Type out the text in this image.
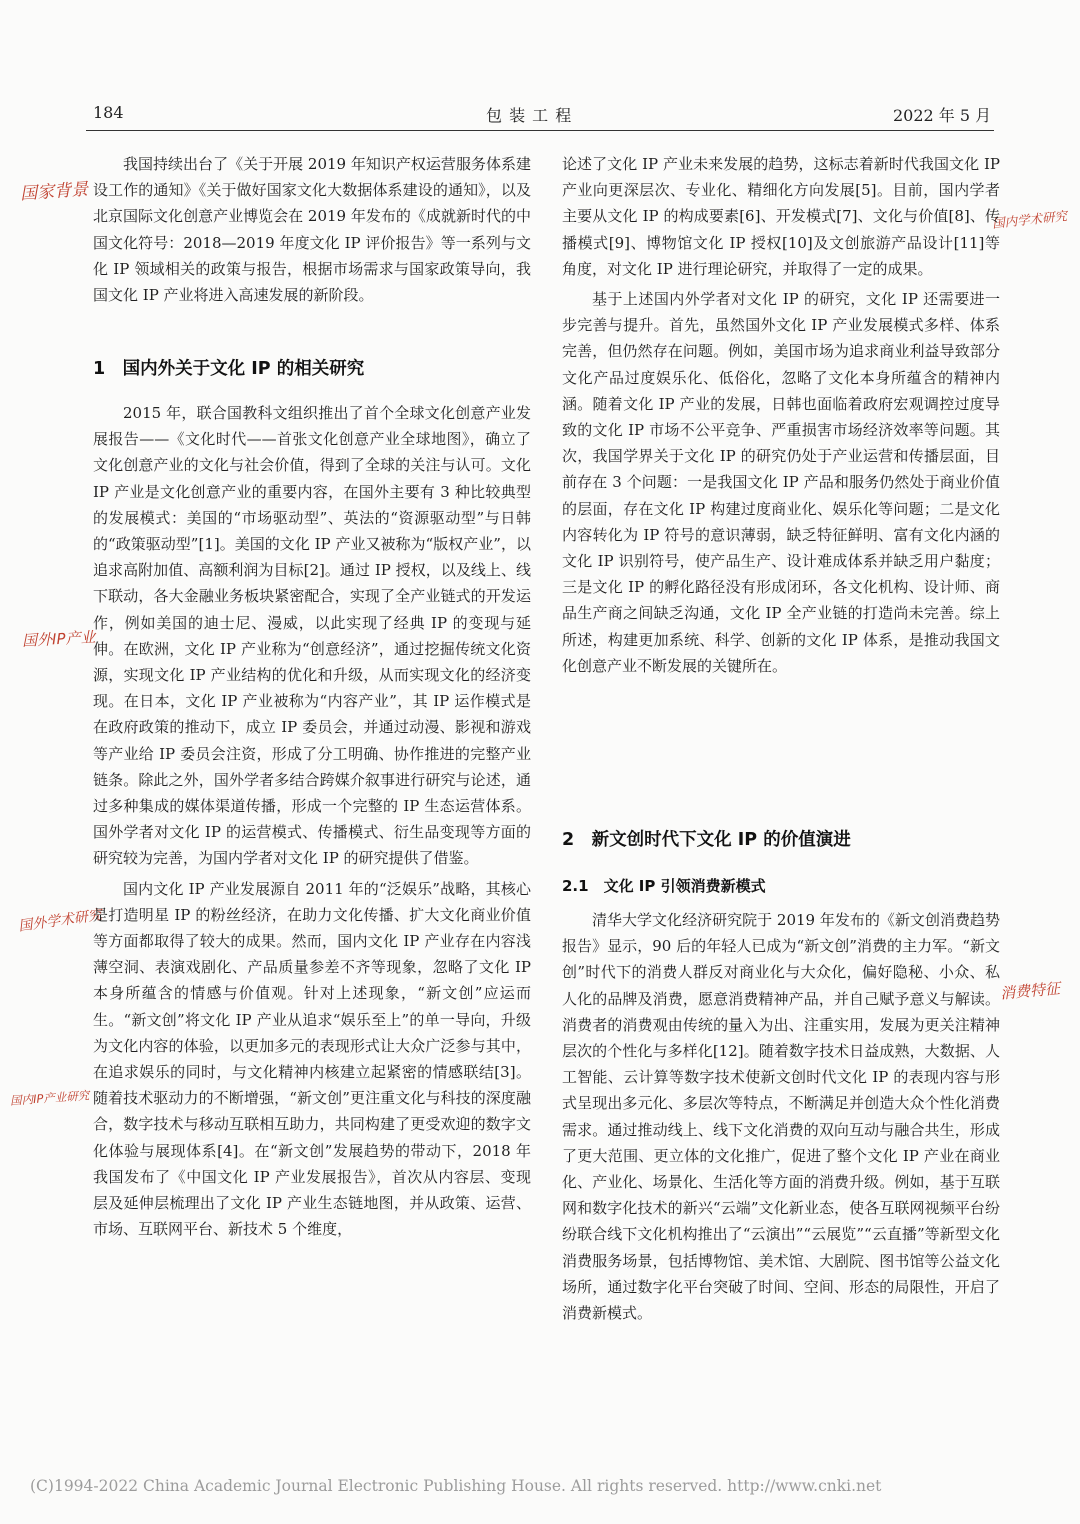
184	包 装 工 程	2022 年 5 月
国家背景
国外IP产业
国外学术研究
国内IP产业研究
国内学术研究
消费特征

我国持续出台了《关于开展 2019 年知识产权运营服务体系建设工作的通知》《关于做好国家文化大数据体系建设的通知》，以及北京国际文化创意产业博览会在 2019 年发布的《成就新时代的中国文化符号：2018—2019 年度文化 IP 评价报告》等一系列与文化 IP 领域相关的政策与报告，根据市场需求与国家政策导向，我国文化 IP 产业将进入高速发展的新阶段。

1　国内外关于文化 IP 的相关研究

2015 年，联合国教科文组织推出了首个全球文化创意产业发展报告——《文化时代——首张文化创意产业全球地图》，确立了文化创意产业的文化与社会价值，得到了全球的关注与认可。文化 IP 产业是文化创意产业的重要内容，在国外主要有 3 种比较典型的发展模式：美国的“市场驱动型”、英法的“资源驱动型”与日韩的“政策驱动型”[1]。美国的文化 IP 产业又被称为“版权产业”，以追求高附加值、高额利润为目标[2]。通过 IP 授权，以及线上、线下联动，各大金融业务板块紧密配合，实现了全产业链式的开发运作，例如美国的迪士尼、漫威，以此实现了经典 IP 的变现与延伸。在欧洲，文化 IP 产业称为“创意经济”，通过挖掘传统文化资源，实现文化 IP 产业结构的优化和升级，从而实现文化的经济变现。在日本，文化 IP 产业被称为“内容产业”，其 IP 运作模式是在政府政策的推动下，成立 IP 委员会，并通过动漫、影视和游戏等产业给 IP 委员会注资，形成了分工明确、协作推进的完整产业链条。除此之外，国外学者多结合跨媒介叙事进行研究与论述，通过多种集成的媒体渠道传播，形成一个完整的 IP 生态运营体系。国外学者对文化 IP 的运营模式、传播模式、衍生品变现等方面的研究较为完善，为国内学者对文化 IP 的研究提供了借鉴。

国内文化 IP 产业发展源自 2011 年的“泛娱乐”战略，其核心是打造明星 IP 的粉丝经济，在助力文化传播、扩大文化商业价值等方面都取得了较大的成果。然而，国内文化 IP 产业存在内容浅薄空洞、表演戏剧化、产品质量参差不齐等现象，忽略了文化 IP 本身所蕴含的情感与价值观。针对上述现象，“新文创”应运而生。“新文创”将文化 IP 产业从追求“娱乐至上”的单一导向，升级为文化内容的体验，以更加多元的表现形式让大众广泛参与其中，在追求娱乐的同时，与文化精神内核建立起紧密的情感联结[3]。随着技术驱动力的不断增强，“新文创”更注重文化与科技的深度融合，数字技术与移动互联相互助力，共同构建了更受欢迎的数字文化体验与展现体系[4]。在“新文创”发展趋势的带动下，2018 年我国发布了《中国文化 IP 产业发展报告》，首次从内容层、变现层及延伸层梳理出了文化 IP 产业生态链地图，并从政策、运营、市场、互联网平台、新技术 5 个维度，

论述了文化 IP 产业未来发展的趋势，这标志着新时代我国文化 IP 产业向更深层次、专业化、精细化方向发展[5]。目前，国内学者主要从文化 IP 的构成要素[6]、开发模式[7]、文化与价值[8]、传播模式[9]、博物馆文化 IP 授权[10]及文创旅游产品设计[11]等角度，对文化 IP 进行理论研究，并取得了一定的成果。

基于上述国内外学者对文化 IP 的研究，文化 IP 还需要进一步完善与提升。首先，虽然国外文化 IP 产业发展模式多样、体系完善，但仍然存在问题。例如，美国市场为追求商业利益导致部分文化产品过度娱乐化、低俗化，忽略了文化本身所蕴含的精神内涵。随着文化 IP 产业的发展，日韩也面临着政府宏观调控过度导致的文化 IP 市场不公平竞争、严重损害市场经济效率等问题。其次，我国学界关于文化 IP 的研究仍处于产业运营和传播层面，目前存在 3 个问题：一是我国文化 IP 产品和服务仍然处于商业价值的层面，存在文化 IP 构建过度商业化、娱乐化等问题；二是文化内容转化为 IP 符号的意识薄弱，缺乏特征鲜明、富有文化内涵的文化 IP 识别符号，使产品生产、设计难成体系并缺乏用户黏度；三是文化 IP 的孵化路径没有形成闭环，各文化机构、设计师、商品生产商之间缺乏沟通，文化 IP 全产业链的打造尚未完善。综上所述，构建更加系统、科学、创新的文化 IP 体系，是推动我国文化创意产业不断发展的关键所在。

2　新文创时代下文化 IP 的价值演进
2.1　文化 IP 引领消费新模式

清华大学文化经济研究院于 2019 年发布的《新文创消费趋势报告》显示，90 后的年轻人已成为“新文创”消费的主力军。“新文创”时代下的消费人群反对商业化与大众化，偏好隐秘、小众、私人化的品牌及消费，愿意消费精神产品，并自己赋予意义与解读。消费者的消费观由传统的量入为出、注重实用，发展为更关注精神层次的个性化与多样化[12]。随着数字技术日益成熟，大数据、人工智能、云计算等数字技术使新文创时代文化 IP 的表现内容与形式呈现出多元化、多层次等特点，不断满足并创造大众个性化消费需求。通过推动线上、线下文化消费的双向互动与融合共生，形成了更大范围、更立体的文化推广，促进了整个文化 IP 产业在商业化、产业化、场景化、生活化等方面的消费升级。例如，基于互联网和数字化技术的新兴“云端”文化新业态，使各互联网视频平台纷纷联合线下文化机构推出了“云演出”“云展览”“云直播”等新型文化消费服务场景，包括博物馆、美术馆、大剧院、图书馆等公益文化场所，通过数字化平台突破了时间、空间、形态的局限性，开启了消费新模式。

(C)1994-2022 China Academic Journal Electronic Publishing House. All rights reserved. http://www.cnki.net
